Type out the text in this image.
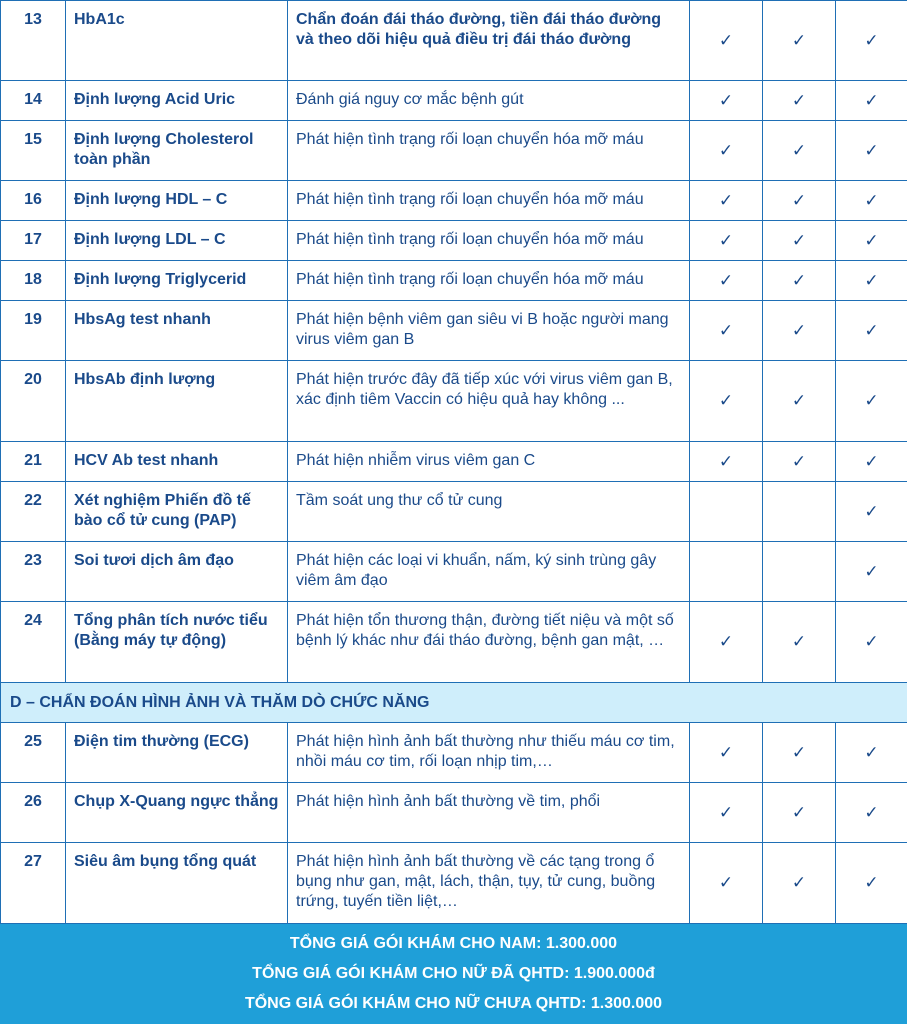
13	HbA1c	Chẩn đoán đái tháo đường, tiền đái tháo đường và theo dõi hiệu quả điều trị đái tháo đường	✓	✓	✓
14	Định lượng Acid Uric	Đánh giá nguy cơ mắc bệnh gút	✓	✓	✓
15	Định lượng Cholesterol toàn phần	Phát hiện tình trạng rối loạn chuyển hóa mỡ máu	✓	✓	✓
16	Định lượng HDL – C	Phát hiện tình trạng rối loạn chuyển hóa mỡ máu	✓	✓	✓
17	Định lượng LDL – C	Phát hiện tình trạng rối loạn chuyển hóa mỡ máu	✓	✓	✓
18	Định lượng Triglycerid	Phát hiện tình trạng rối loạn chuyển hóa mỡ máu	✓	✓	✓
19	HbsAg test nhanh	Phát hiện bệnh viêm gan siêu vi B hoặc người mang virus viêm gan B	✓	✓	✓
20	HbsAb định lượng	Phát hiện trước đây đã tiếp xúc với virus viêm gan B, xác định tiêm Vaccin có hiệu quả hay không ...	✓	✓	✓
21	HCV Ab test nhanh	Phát hiện nhiễm virus viêm gan C	✓	✓	✓
22	Xét nghiệm Phiến đồ tế bào cổ tử cung (PAP)	Tầm soát ung thư cổ tử cung			✓
23	Soi tươi dịch âm đạo	Phát hiện các loại vi khuẩn, nấm, ký sinh trùng gây viêm âm đạo			✓
24	Tổng phân tích nước tiểu (Bằng máy tự động)	Phát hiện tổn thương thận, đường tiết niệu và một số bệnh lý khác như đái tháo đường, bệnh gan mật, …	✓	✓	✓
D – CHẨN ĐOÁN HÌNH ẢNH VÀ THĂM DÒ CHỨC NĂNG					
25	Điện tim thường (ECG)	Phát hiện hình ảnh bất thường như thiếu máu cơ tim, nhồi máu cơ tim, rối loạn nhịp tim,…	✓	✓	✓
26	Chụp X-Quang ngực thẳng	Phát hiện hình ảnh bất thường về tim, phổi	✓	✓	✓
27	Siêu âm bụng tổng quát	Phát hiện hình ảnh bất thường về các tạng trong ổ bụng như gan, mật, lách, thận, tụy, tử cung, buồng trứng, tuyến tiền liệt,…	✓	✓	✓
TỔNG GIÁ GÓI KHÁM CHO NAM: 1.300.000
TỔNG GIÁ GÓI KHÁM CHO NỮ ĐÃ QHTD: 1.900.000đ
TỔNG GIÁ GÓI KHÁM CHO NỮ CHƯA QHTD: 1.300.000
